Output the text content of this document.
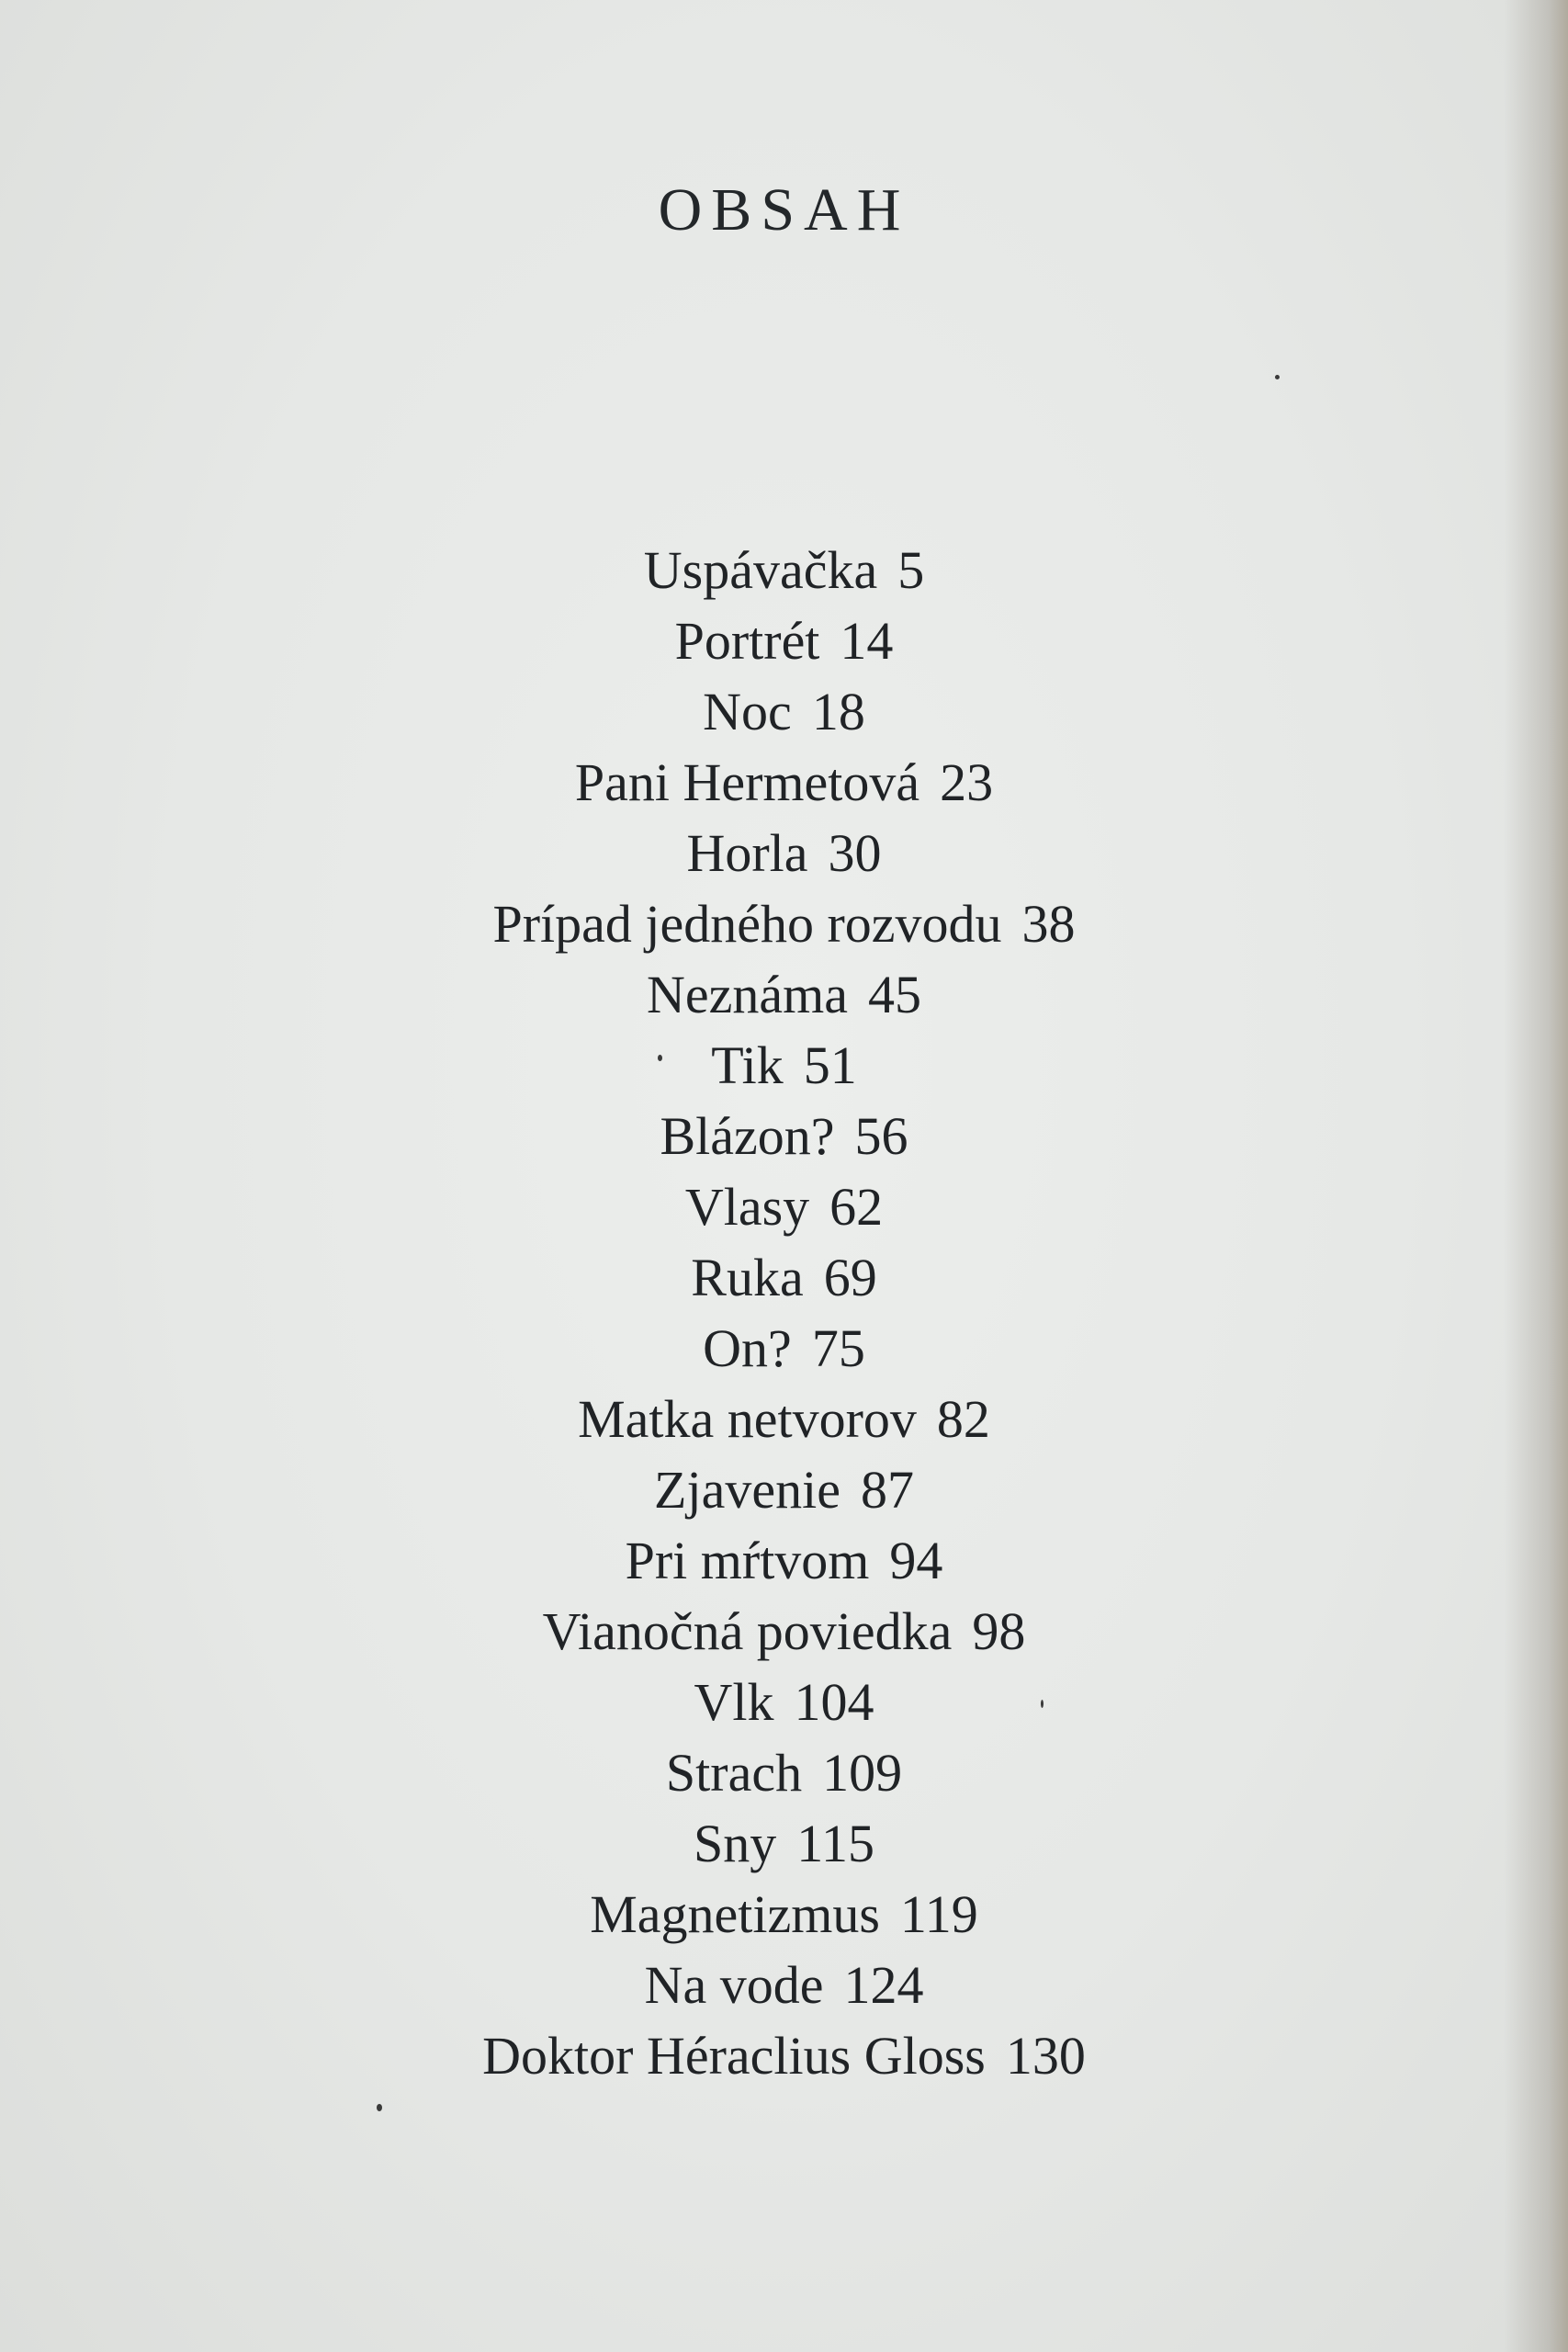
OBSAH
Uspávačka 5
Portrét 14
Noc 18
Pani Hermetová 23
Horla 30
Prípad jedného rozvodu 38
Neznáma 45
Tik 51
Blázon? 56
Vlasy 62
Ruka 69
On? 75
Matka netvorov 82
Zjavenie 87
Pri mŕtvom 94
Vianočná poviedka 98
Vlk 104
Strach 109
Sny 115
Magnetizmus 119
Na vode 124
Doktor Héraclius Gloss 130
